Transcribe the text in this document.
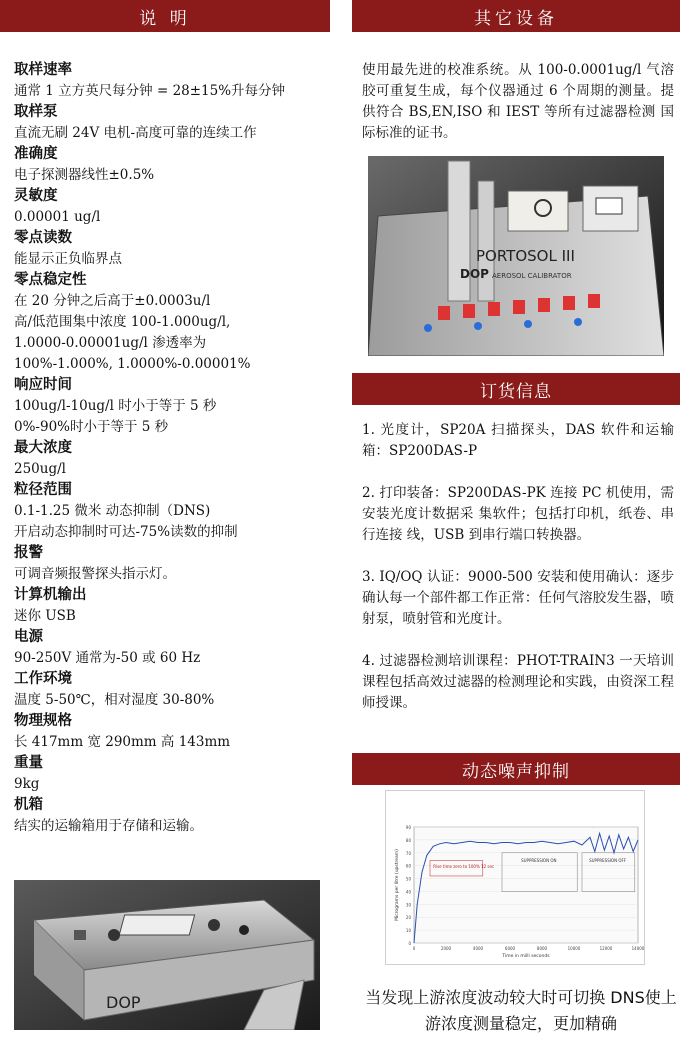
说 明	其它设备
订货信息
动态噪声抑制
取样速率
通常 1 立方英尺每分钟 = 28±15%升每分钟
取样泵
直流无刷 24V 电机-高度可靠的连续工作
准确度
电子探测器线性±0.5%
灵敏度
0.00001 ug/l
零点读数
能显示正负临界点
零点稳定性
在 20 分钟之后高于±0.0003u/l
高/低范围集中浓度 100-1.000ug/l,
1.0000-0.00001ug/l 渗透率为
100%-1.000%, 1.0000%-0.00001%
响应时间
100ug/l-10ug/l 时小于等于 5 秒
0%-90%时小于等于 5 秒
最大浓度
250ug/l
粒径范围
0.1-1.25 微米 动态抑制（DNS)
开启动态抑制时可达-75%读数的抑制
报警
可调音频报警探头指示灯。
计算机输出
迷你 USB
电源
90-250V 通常为-50 或 60 Hz
工作环境
温度 5-50℃，相对湿度 30-80%
物理规格
长 417mm 宽 290mm 高 143mm
重量
9kg
机箱
结实的运输箱用于存储和运输。
DOP
使用最先进的校准系统。从 100-0.0001ug/l 气溶胶可重复生成，每个仪器通过 6 个周期的测量。提供符合 BS,EN,ISO 和 IEST 等所有过滤器检测 国际标准的证书。
PORTOSOL III
DOP AEROSOL CALIBRATOR
1. 光度计，SP20A 扫描探头，DAS 软件和运输箱：SP200DAS-P
2. 打印装备：SP200DAS-PK 连接 PC 机使用，需安装光度计数据采 集软件；包括打印机，纸卷、串行连接 线，USB 到串行端口转换器。
3. IQ/OQ 认证：9000-500 安装和使用确认：逐步确认每一个部件都工作正常：任何气溶胶发生器，喷射泵，喷射管和光度计。
4. 过滤器检测培训课程：PHOT-TRAIN3 一天培训课程包括高效过滤器的检测理论和实践，由资深工程师授课。
0
10
20
30
40
50
60
70
80
90
0	2000	4000	6000	8000	10000	12000	14000
Time in milli seconds
Micrograms per litre (upstream)	Rise time zero to 100% 12 sec
SUPPRESSION ON	SUPPRESSION OFF
当发现上游浓度波动较大时可切换 DNS使上游浓度测量稳定，更加精确
